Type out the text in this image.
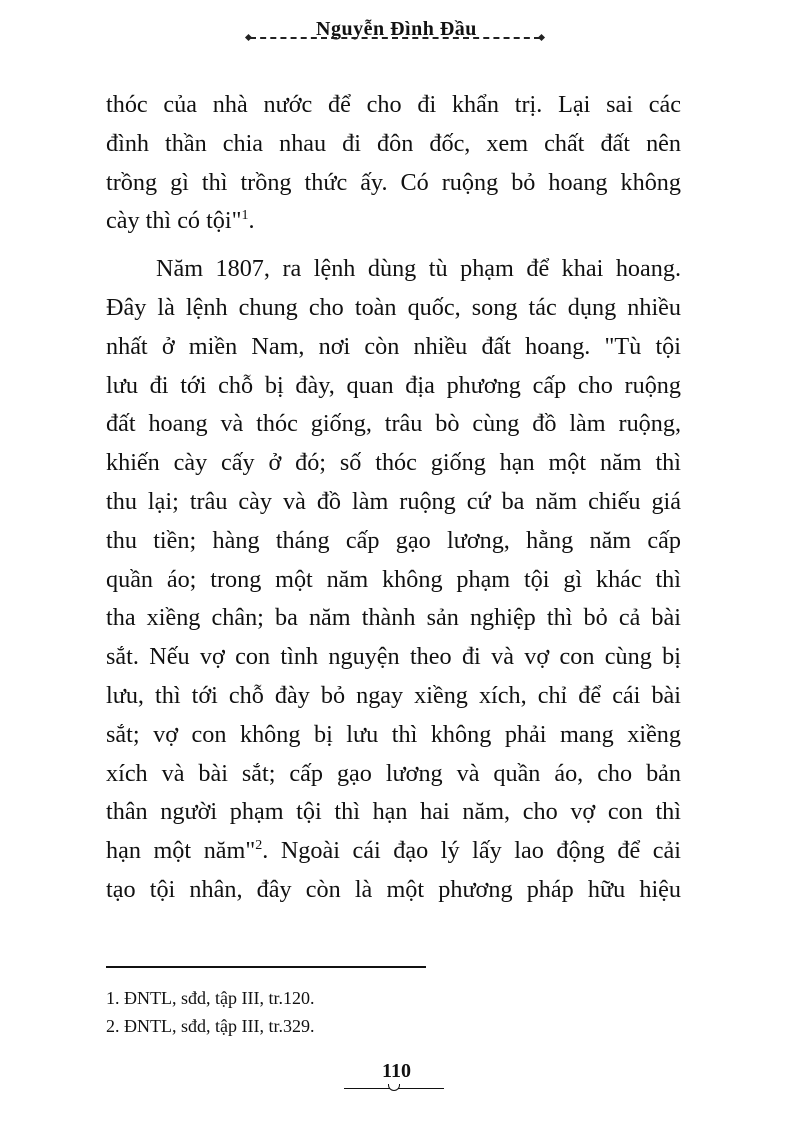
Nguyễn Đình Đầu
thóc của nhà nước để cho đi khẩn trị. Lại sai các
đình thần chia nhau đi đôn đốc, xem chất đất nên
trồng gì thì trồng thức ấy. Có ruộng bỏ hoang không
cày thì có tội"$^1$.
Năm 1807, ra lệnh dùng tù phạm để khai hoang.
Đây là lệnh chung cho toàn quốc, song tác dụng nhiều
nhất ở miền Nam, nơi còn nhiều đất hoang. "Tù tội
lưu đi tới chỗ bị đày, quan địa phương cấp cho ruộng
đất hoang và thóc giống, trâu bò cùng đồ làm ruộng,
khiến cày cấy ở đó; số thóc giống hạn một năm thì
thu lại; trâu cày và đồ làm ruộng cứ ba năm chiếu giá
thu tiền; hàng tháng cấp gạo lương, hằng năm cấp
quần áo; trong một năm không phạm tội gì khác thì
tha xiềng chân; ba năm thành sản nghiệp thì bỏ cả bài
sắt. Nếu vợ con tình nguyện theo đi và vợ con cùng bị
lưu, thì tới chỗ đày bỏ ngay xiềng xích, chỉ để cái bài
sắt; vợ con không bị lưu thì không phải mang xiềng
xích và bài sắt; cấp gạo lương và quần áo, cho bản
thân người phạm tội thì hạn hai năm, cho vợ con thì
hạn một năm"$^2$. Ngoài cái đạo lý lấy lao động để cải
tạo tội nhân, đây còn là một phương pháp hữu hiệu
1. ĐNTL, sđd, tập III, tr.120.
2. ĐNTL, sđd, tập III, tr.329.
110
